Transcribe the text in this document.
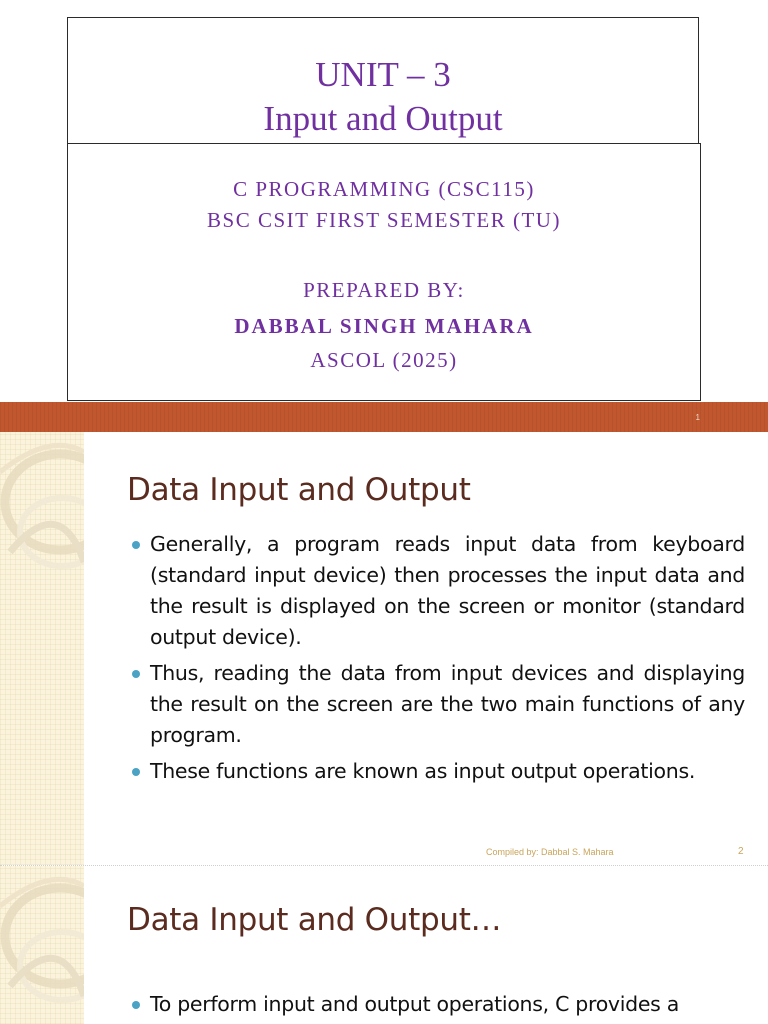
UNIT – 3
Input and Output
C PROGRAMMING (CSC115)
BSC CSIT FIRST SEMESTER (TU)
PREPARED BY:
DABBAL SINGH MAHARA
ASCOL (2025)
1
Data Input and Output
Generally, a program reads input data from keyboard (standard input device) then processes the input data and the result is displayed on the screen or monitor (standard output device).
Thus, reading the data from input devices and displaying the result on the screen are the two main functions of any program.
These functions are known as input output operations.
Compiled by: Dabbal S. Mahara	2
Data Input and Output…
To perform input and output operations, C provides a
